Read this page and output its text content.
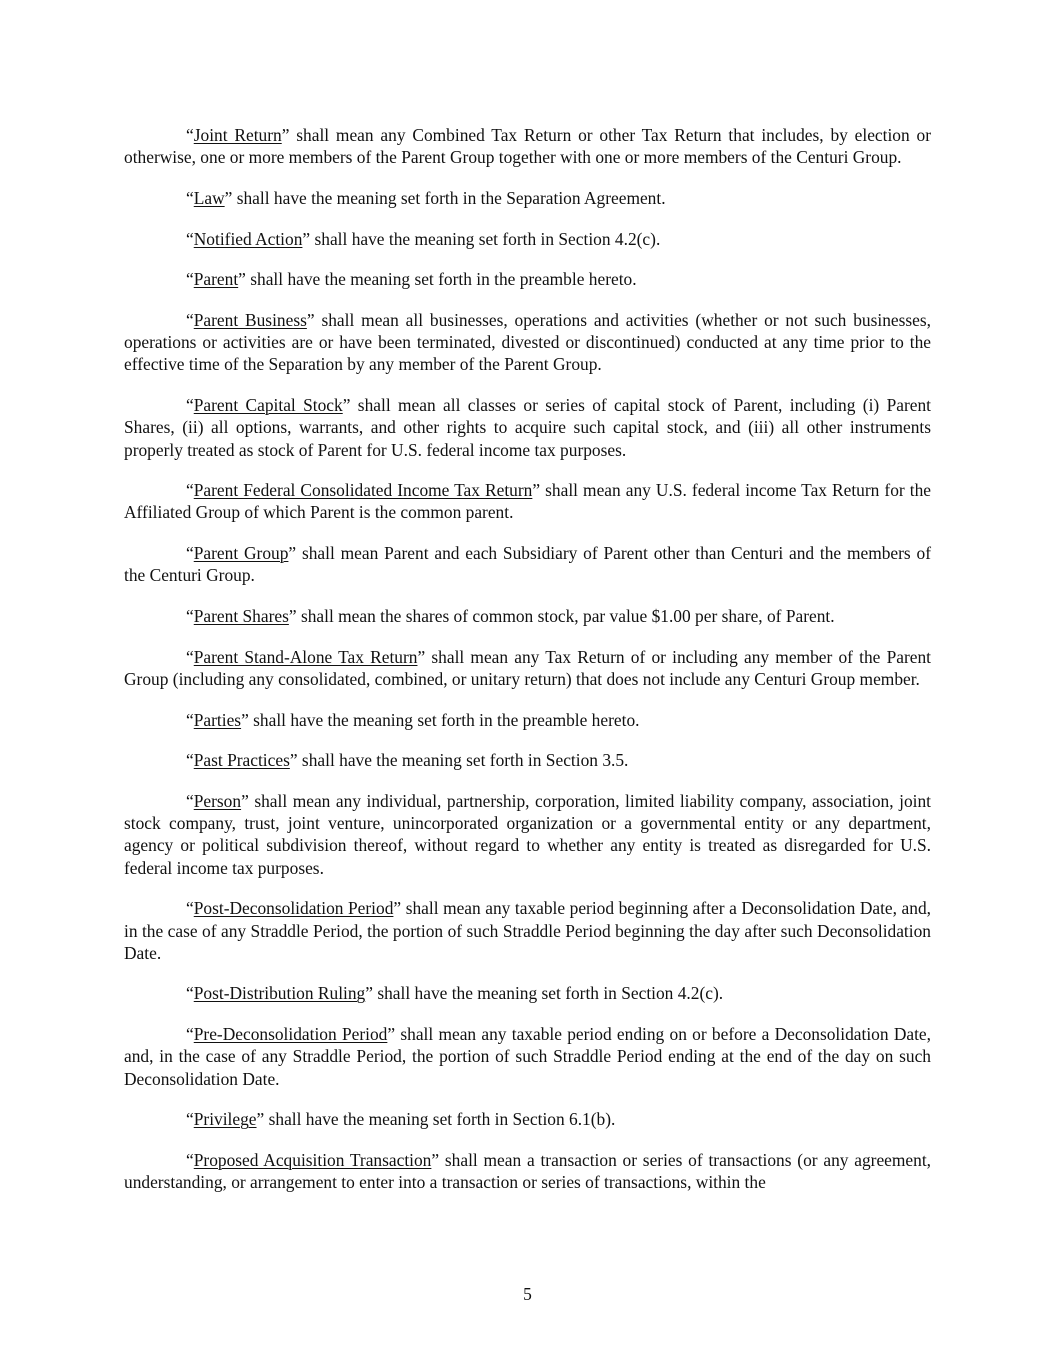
“Joint Return” shall mean any Combined Tax Return or other Tax Return that includes, by election or otherwise, one or more members of the Parent Group together with one or more members of the Centuri Group.

“Law” shall have the meaning set forth in the Separation Agreement.

“Notified Action” shall have the meaning set forth in Section 4.2(c).

“Parent” shall have the meaning set forth in the preamble hereto.

“Parent Business” shall mean all businesses, operations and activities (whether or not such businesses, operations or activities are or have been terminated, divested or discontinued) conducted at any time prior to the effective time of the Separation by any member of the Parent Group.

“Parent Capital Stock” shall mean all classes or series of capital stock of Parent, including (i) Parent Shares, (ii) all options, warrants, and other rights to acquire such capital stock, and (iii) all other instruments properly treated as stock of Parent for U.S. federal income tax purposes.

“Parent Federal Consolidated Income Tax Return” shall mean any U.S. federal income Tax Return for the Affiliated Group of which Parent is the common parent.

“Parent Group” shall mean Parent and each Subsidiary of Parent other than Centuri and the members of the Centuri Group.

“Parent Shares” shall mean the shares of common stock, par value $1.00 per share, of Parent.

“Parent Stand-Alone Tax Return” shall mean any Tax Return of or including any member of the Parent Group (including any consolidated, combined, or unitary return) that does not include any Centuri Group member.

“Parties” shall have the meaning set forth in the preamble hereto.

“Past Practices” shall have the meaning set forth in Section 3.5.

“Person” shall mean any individual, partnership, corporation, limited liability company, association, joint stock company, trust, joint venture, unincorporated organization or a governmental entity or any department, agency or political subdivision thereof, without regard to whether any entity is treated as disregarded for U.S. federal income tax purposes.

“Post-Deconsolidation Period” shall mean any taxable period beginning after a Deconsolidation Date, and, in the case of any Straddle Period, the portion of such Straddle Period beginning the day after such Deconsolidation Date.

“Post-Distribution Ruling” shall have the meaning set forth in Section 4.2(c).

“Pre-Deconsolidation Period” shall mean any taxable period ending on or before a Deconsolidation Date, and, in the case of any Straddle Period, the portion of such Straddle Period ending at the end of the day on such Deconsolidation Date.

“Privilege” shall have the meaning set forth in Section 6.1(b).

“Proposed Acquisition Transaction” shall mean a transaction or series of transactions (or any agreement, understanding, or arrangement to enter into a transaction or series of transactions, within the

5
